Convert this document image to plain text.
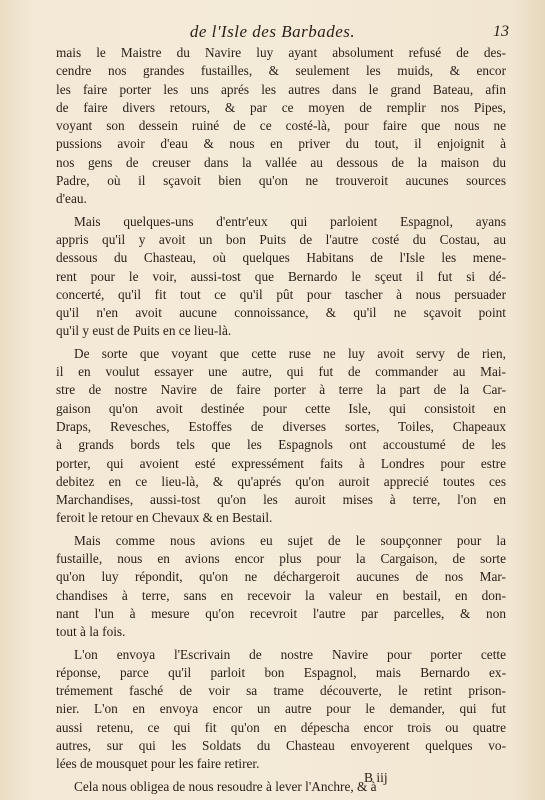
de l'Isle des Barbades.	13
mais le Maistre du Navire luy ayant absolument refusé de des-
cendre nos grandes fustailles, & seulement les muids, & encor
les faire porter les uns aprés les autres dans le grand Bateau, afin
de faire divers retours, & par ce moyen de remplir nos Pipes,
voyant son dessein ruiné de ce costé-là, pour faire que nous ne
pussions avoir d'eau & nous en priver du tout, il enjoignit à
nos gens de creuser dans la vallée au dessous de la maison du
Padre, où il sçavoit bien qu'on ne trouveroit aucunes sources
d'eau.
Mais quelques-uns d'entr'eux qui parloient Espagnol, ayans
appris qu'il y avoit un bon Puits de l'autre costé du Costau, au
dessous du Chasteau, où quelques Habitans de l'Isle les mene-
rent pour le voir, aussi-tost que Bernardo le sçeut il fut si dé-
concerté, qu'il fit tout ce qu'il pût pour tascher à nous persuader
qu'il n'en avoit aucune connoissance, & qu'il ne sçavoit point
qu'il y eust de Puits en ce lieu-là.
De sorte que voyant que cette ruse ne luy avoit servy de rien,
il en voulut essayer une autre, qui fut de commander au Mai-
stre de nostre Navire de faire porter à terre la part de la Car-
gaison qu'on avoit destinée pour cette Isle, qui consistoit en
Draps, Revesches, Estoffes de diverses sortes, Toiles, Chapeaux
à grands bords tels que les Espagnols ont accoustumé de les
porter, qui avoient esté expressément faits à Londres pour estre
debitez en ce lieu-là, & qu'aprés qu'on auroit apprecié toutes ces
Marchandises, aussi-tost qu'on les auroit mises à terre, l'on en
feroit le retour en Chevaux & en Bestail.
Mais comme nous avions eu sujet de le soupçonner pour la
fustaille, nous en avions encor plus pour la Cargaison, de sorte
qu'on luy répondit, qu'on ne déchargeroit aucunes de nos Mar-
chandises à terre, sans en recevoir la valeur en bestail, en don-
nant l'un à mesure qu'on recevroit l'autre par parcelles, & non
tout à la fois.
L'on envoya l'Escrivain de nostre Navire pour porter cette
réponse, parce qu'il parloit bon Espagnol, mais Bernardo ex-
trémement fasché de voir sa trame découverte, le retint prison-
nier. L'on en envoya encor un autre pour le demander, qui fut
aussi retenu, ce qui fit qu'on en dépescha encor trois ou quatre
autres, sur qui les Soldats du Chasteau envoyerent quelques vo-
lées de mousquet pour les faire retirer.
Cela nous obligea de nous resoudre à lever l'Anchre, & à
B iij
